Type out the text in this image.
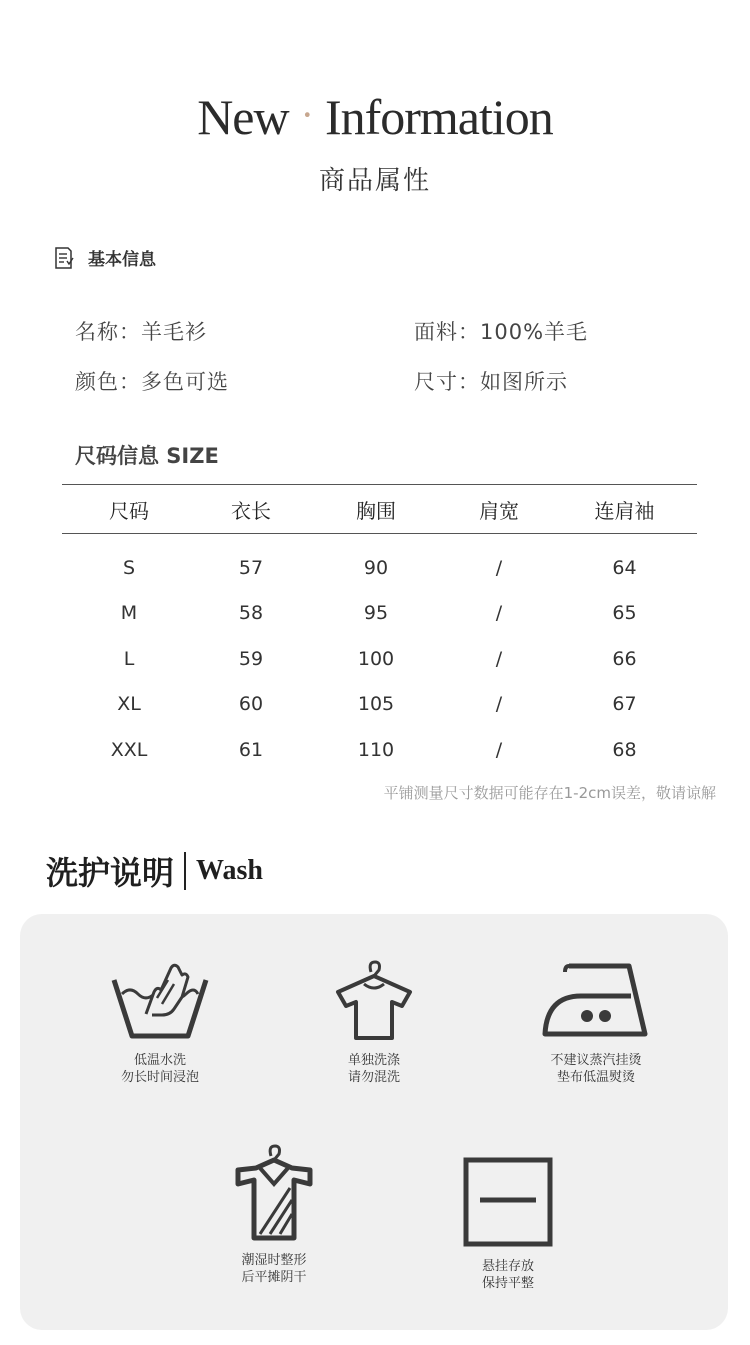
New · Information
商品属性
基本信息
名称：羊毛衫	面料：100%羊毛
颜色：多色可选	尺寸：如图所示
尺码信息 SIZE
尺码	衣长	胸围	肩宽	连肩袖
S	57	90	/	64
M	58	95	/	65
L	59	100	/	66
XL	60	105	/	67
XXL	61	110	/	68
平铺测量尺寸数据可能存在1-2cm误差，敬请谅解
洗护说明 Wash
低温水洗
勿长时间浸泡
单独洗涤
请勿混洗
不建议蒸汽挂烫
垫布低温熨烫
潮湿时整形
后平摊阴干
悬挂存放
保持平整
